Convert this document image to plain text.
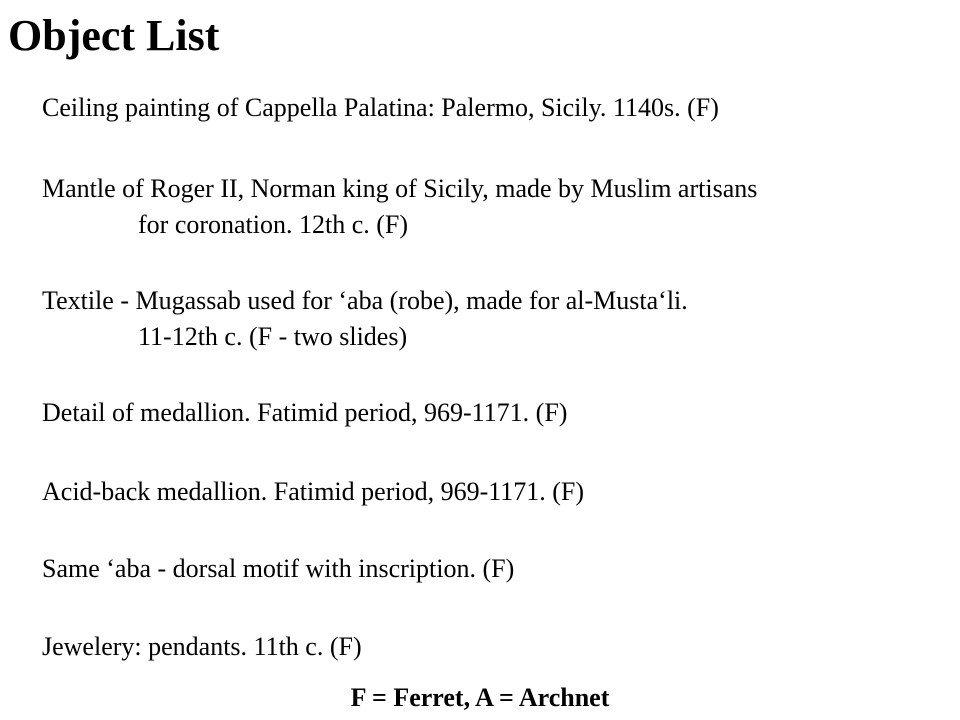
Object List
Ceiling painting of Cappella Palatina: Palermo, Sicily. 1140s. (F)
Mantle of Roger II, Norman king of Sicily, made by Muslim artisans
for coronation. 12th c. (F)
Textile - Mugassab used for ‘aba (robe), made for al-Musta‘li.
11-12th c. (F - two slides)
Detail of medallion. Fatimid period, 969-1171. (F)
Acid-back medallion. Fatimid period, 969-1171. (F)
Same ‘aba - dorsal motif with inscription. (F)
Jewelery: pendants. 11th c. (F)
F = Ferret, A = Archnet
